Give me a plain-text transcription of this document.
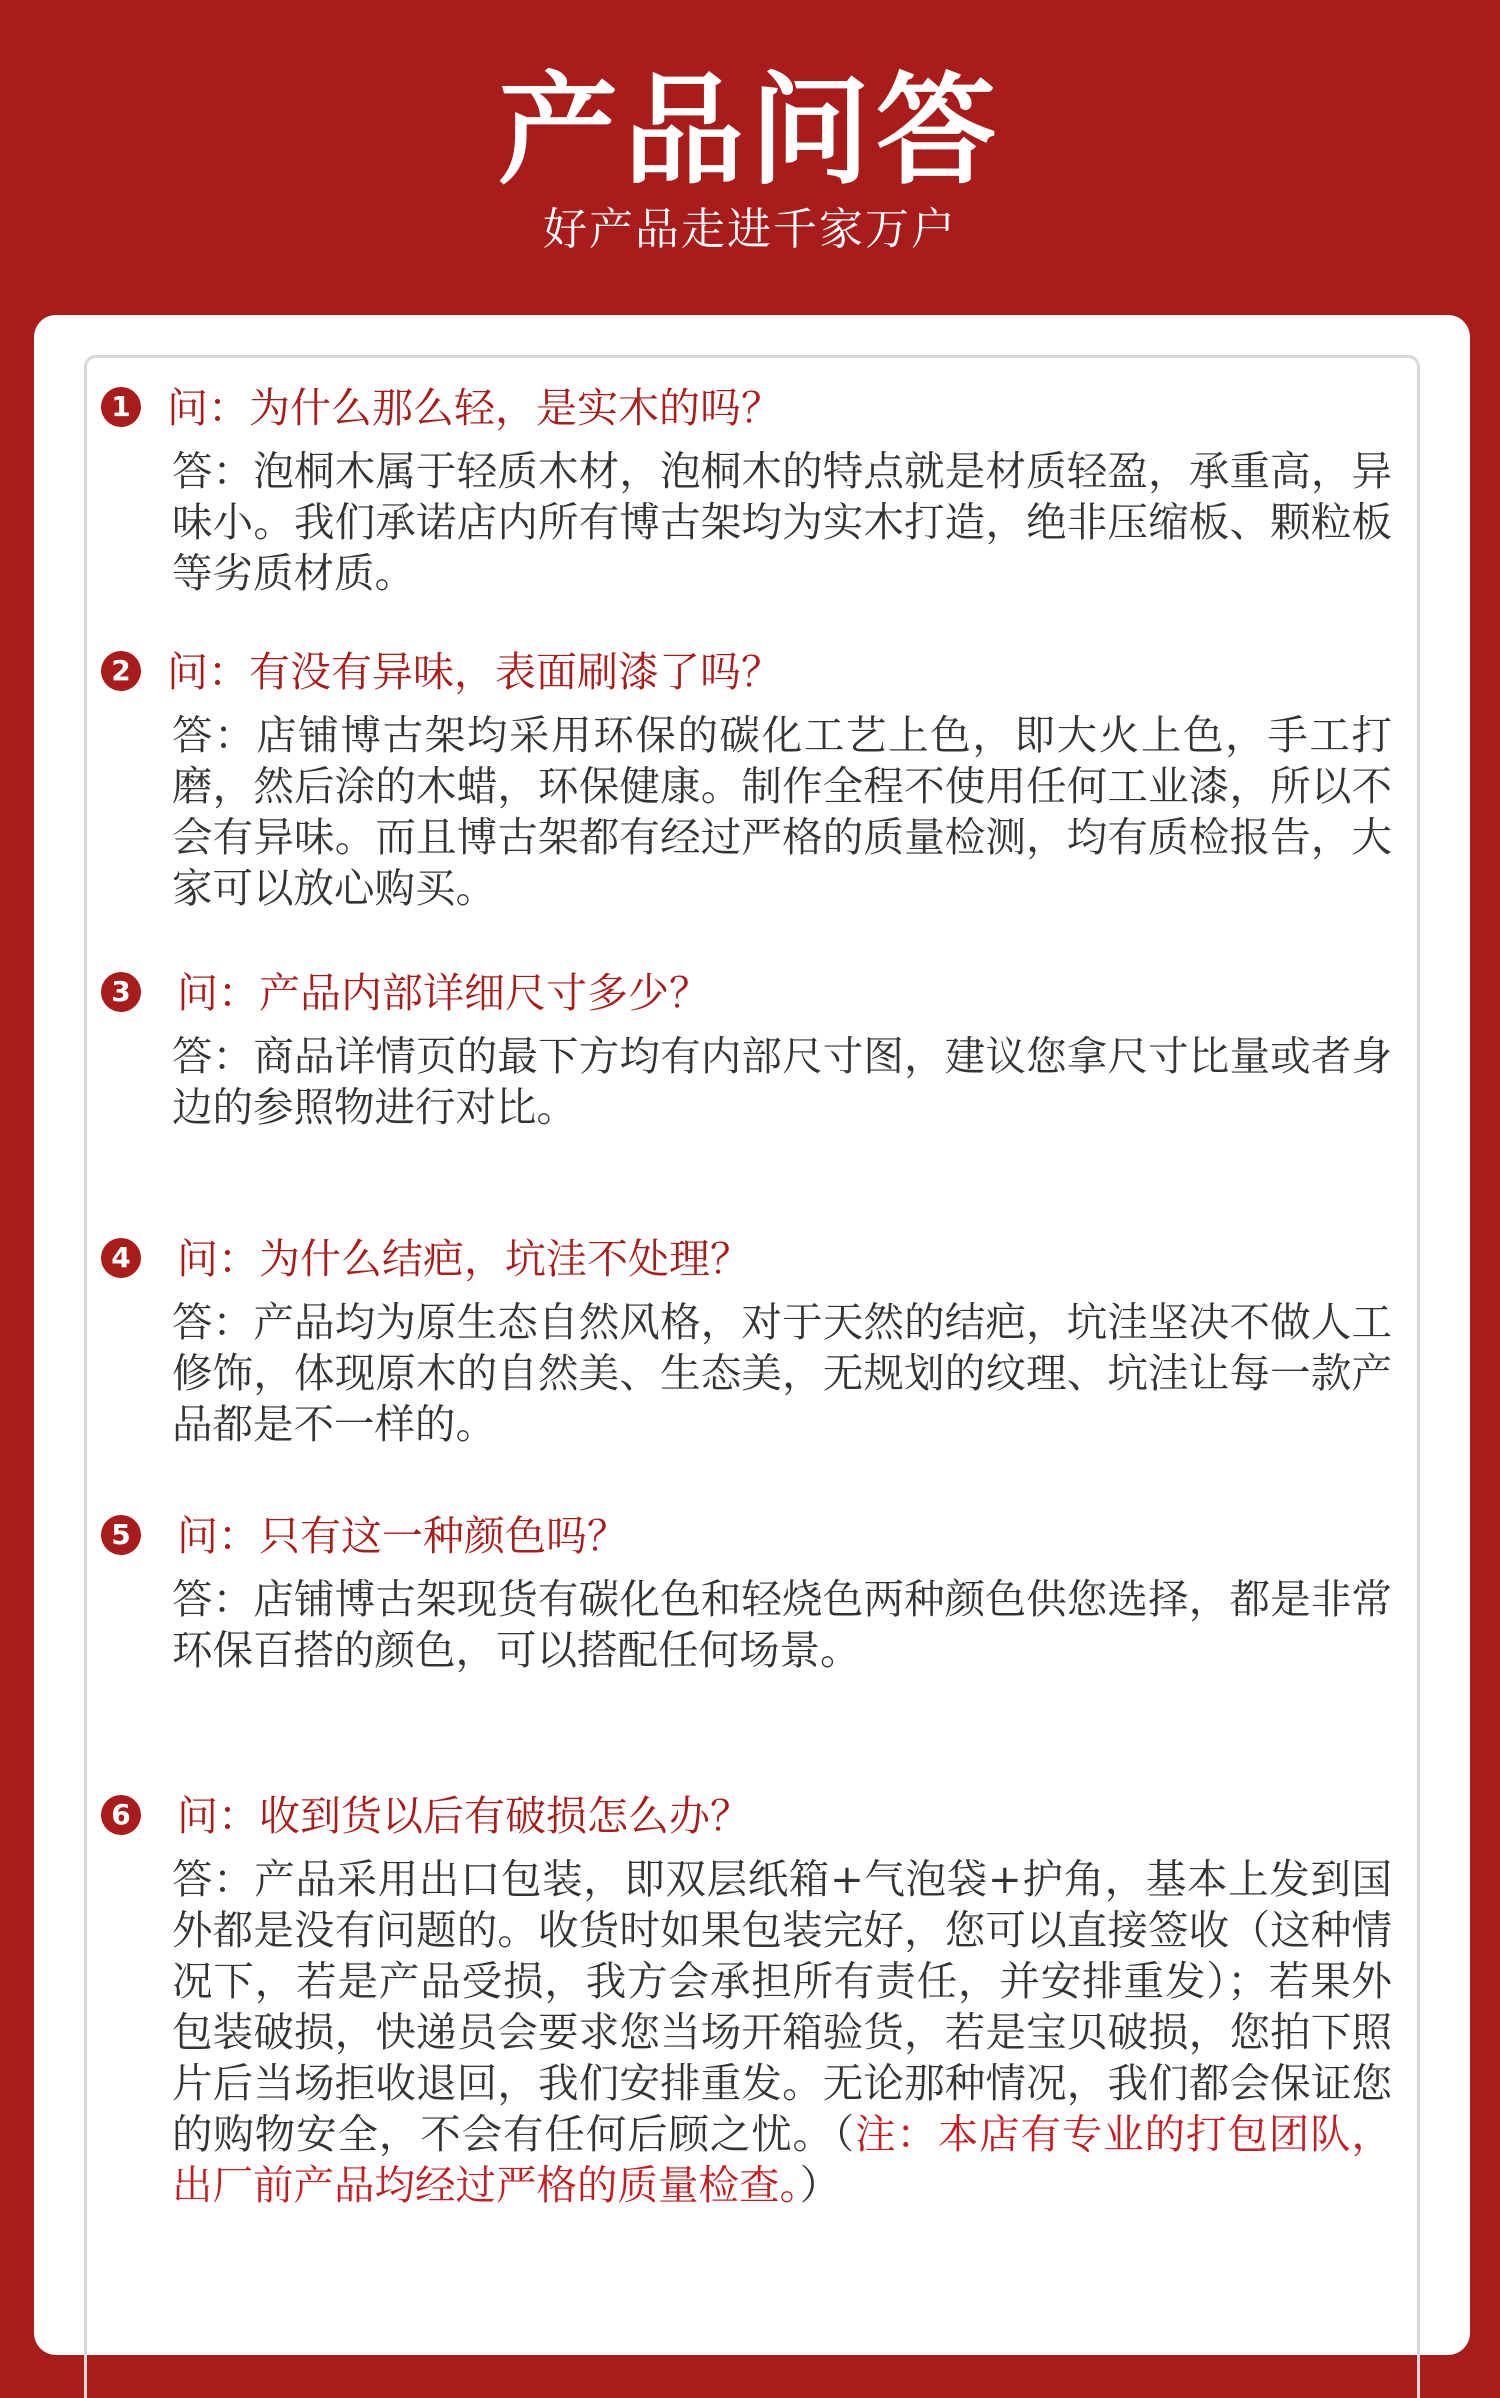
产品问答
好产品走进千家万户
1 问：为什么那么轻，是实木的吗？
答：泡桐木属于轻质木材，泡桐木的特点就是材质轻盈，承重高，异味小。我们承诺店内所有博古架均为实木打造，绝非压缩板、颗粒板等劣质材质。
2 问：有没有异味，表面刷漆了吗？
答：店铺博古架均采用环保的碳化工艺上色，即大火上色，手工打磨，然后涂的木蜡，环保健康。制作全程不使用任何工业漆，所以不会有异味。而且博古架都有经过严格的质量检测，均有质检报告，大家可以放心购买。
3 问：产品内部详细尺寸多少？
答：商品详情页的最下方均有内部尺寸图，建议您拿尺寸比量或者身边的参照物进行对比。
4 问：为什么结疤，坑洼不处理？
答：产品均为原生态自然风格，对于天然的结疤，坑洼坚决不做人工修饰，体现原木的自然美、生态美，无规划的纹理、坑洼让每一款产品都是不一样的。
5 问：只有这一种颜色吗？
答：店铺博古架现货有碳化色和轻烧色两种颜色供您选择，都是非常环保百搭的颜色，可以搭配任何场景。
6 问：收到货以后有破损怎么办？
答：产品采用出口包装，即双层纸箱+气泡袋+护角，基本上发到国外都是没有问题的。收货时如果包装完好，您可以直接签收（这种情况下，若是产品受损，我方会承担所有责任，并安排重发）；若果外包装破损，快递员会要求您当场开箱验货，若是宝贝破损，您拍下照片后当场拒收退回，我们安排重发。无论那种情况，我们都会保证您的购物安全，不会有任何后顾之忧。（注：本店有专业的打包团队，出厂前产品均经过严格的质量检查。）
